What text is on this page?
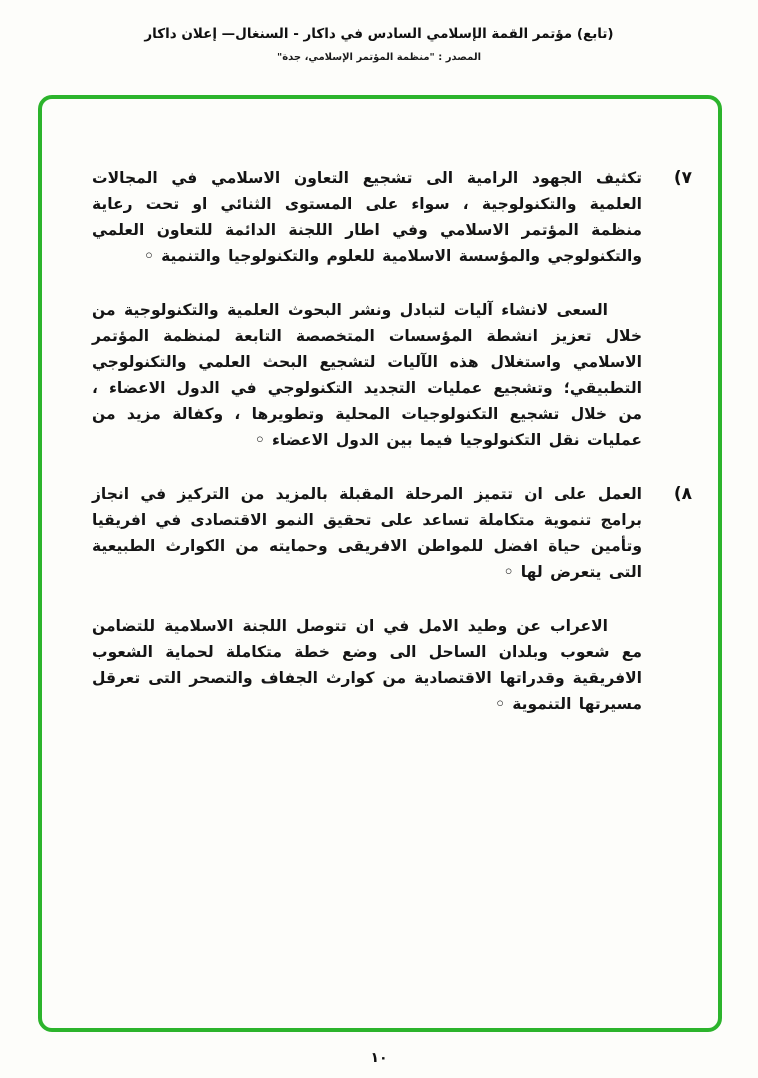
(تابع) مؤتمر القمة الإسلامي السادس في داكار - السنغال— إعلان داكار
المصدر : "منظمة المؤتمر الإسلامي، جدة"
٧)
تكثيف الجهود الرامية الى تشجيع التعاون الاسلامي في المجالات العلمية والتكنولوجية ، سواء على المستوى الثنائي او تحت رعاية منظمة المؤتمر الاسلامي وفي اطار اللجنة الدائمة للتعاون العلمي والتكنولوجي والمؤسسة الاسلامية للعلوم والتكنولوجيا والتنمية ◦
السعى لانشاء آليات لتبادل ونشر البحوث العلمية والتكنولوجية من خلال تعزيز انشطة المؤسسات المتخصصة التابعة لمنظمة المؤتمر الاسلامي واستغلال هذه الآليات لتشجيع البحث العلمي والتكنولوجي التطبيقي؛ وتشجيع عمليات التجديد التكنولوجي في الدول الاعضاء ، من خلال تشجيع التكنولوجيات المحلية وتطويرها ، وكفالة مزيد من عمليات نقل التكنولوجيا فيما بين الدول الاعضاء ◦
٨)
العمل على ان تتميز المرحلة المقبلة بالمزيد من التركيز في انجاز برامج تنموية متكاملة تساعد على تحقيق النمو الاقتصادى في افريقيا وتأمين حياة افضل للمواطن الافريقى وحمايته من الكوارث الطبيعية التى يتعرض لها ◦
الاعراب عن وطيد الامل في ان تتوصل اللجنة الاسلامية للتضامن مع شعوب وبلدان الساحل الى وضع خطة متكاملة لحماية الشعوب الافريقية وقدراتها الاقتصادية من كوارث الجفاف والتصحر التى تعرقل مسيرتها التنموية ◦
١٠
